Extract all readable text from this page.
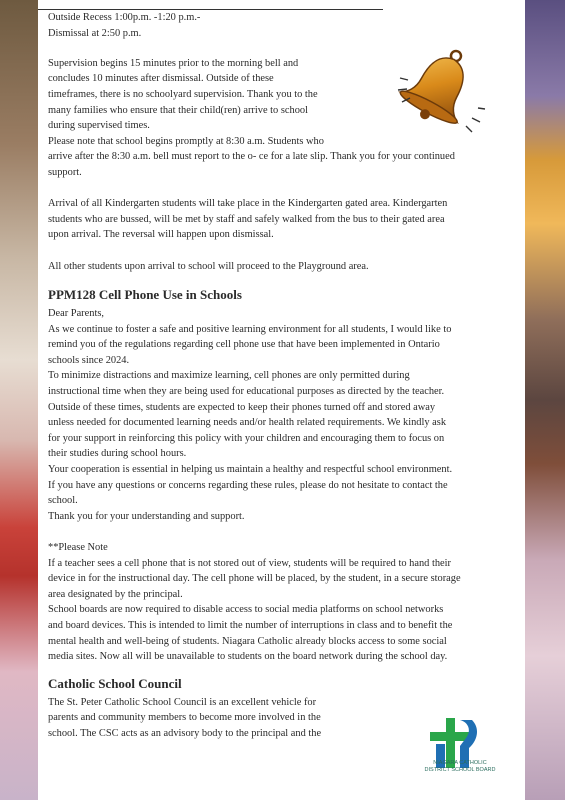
Outside Recess 1:00p.m. -1:20 p.m.-

Dismissal at 2:50 p.m.

Supervision begins 15 minutes prior to the morning bell and

concludes 10 minutes after dismissal. Outside of these

timeframes, there is no schoolyard supervision. Thank you to the

many families who ensure that their child(ren) arrive to school

during supervised times.

Please note that school begins promptly at 8:30 a.m. Students who

arrive after the 8:30 a.m. bell must report to the o- ce for a late slip. Thank you for your continued

support.

Arrival of all Kindergarten students will take place in the Kindergarten gated area. Kindergarten

students who are bussed, will be met by staff and safely walked from the bus to their gated area

upon arrival. The reversal will happen upon dismissal.

All other students upon arrival to school will proceed to the Playground area.

PPM128 Cell Phone Use in Schools

Dear Parents,

As we continue to foster a safe and positive learning environment for all students, I would like to

remind you of the regulations regarding cell phone use that have been implemented in Ontario

schools since 2024.

To minimize distractions and maximize learning, cell phones are only permitted during

instructional time when they are being used for educational purposes as directed by the teacher.

Outside of these times, students are expected to keep their phones turned off and stored away

unless needed for documented learning needs and/or health related requirements. We kindly ask

for your support in reinforcing this policy with your children and encouraging them to focus on

their studies during school hours.

Your cooperation is essential in helping us maintain a healthy and respectful school environment.

If you have any questions or concerns regarding these rules, please do not hesitate to contact the

school.

Thank you for your understanding and support.

**Please Note

If a teacher sees a cell phone that is not stored out of view, students will be required to hand their

device in for the instructional day. The cell phone will be placed, by the student, in a secure storage

area designated by the principal.

School boards are now required to disable access to social media platforms on school networks

and board devices. This is intended to limit the number of interruptions in class and to benefit the

mental health and well-being of students. Niagara Catholic already blocks access to some social

media sites. Now all will be unavailable to students on the board network during the school day.

Catholic School Council

The St. Peter Catholic School Council is an excellent vehicle for

parents and community members to become more involved in the

school. The CSC acts as an advisory body to the principal and the

NIAGARA CATHOLIC
DISTRICT SCHOOL BOARD
